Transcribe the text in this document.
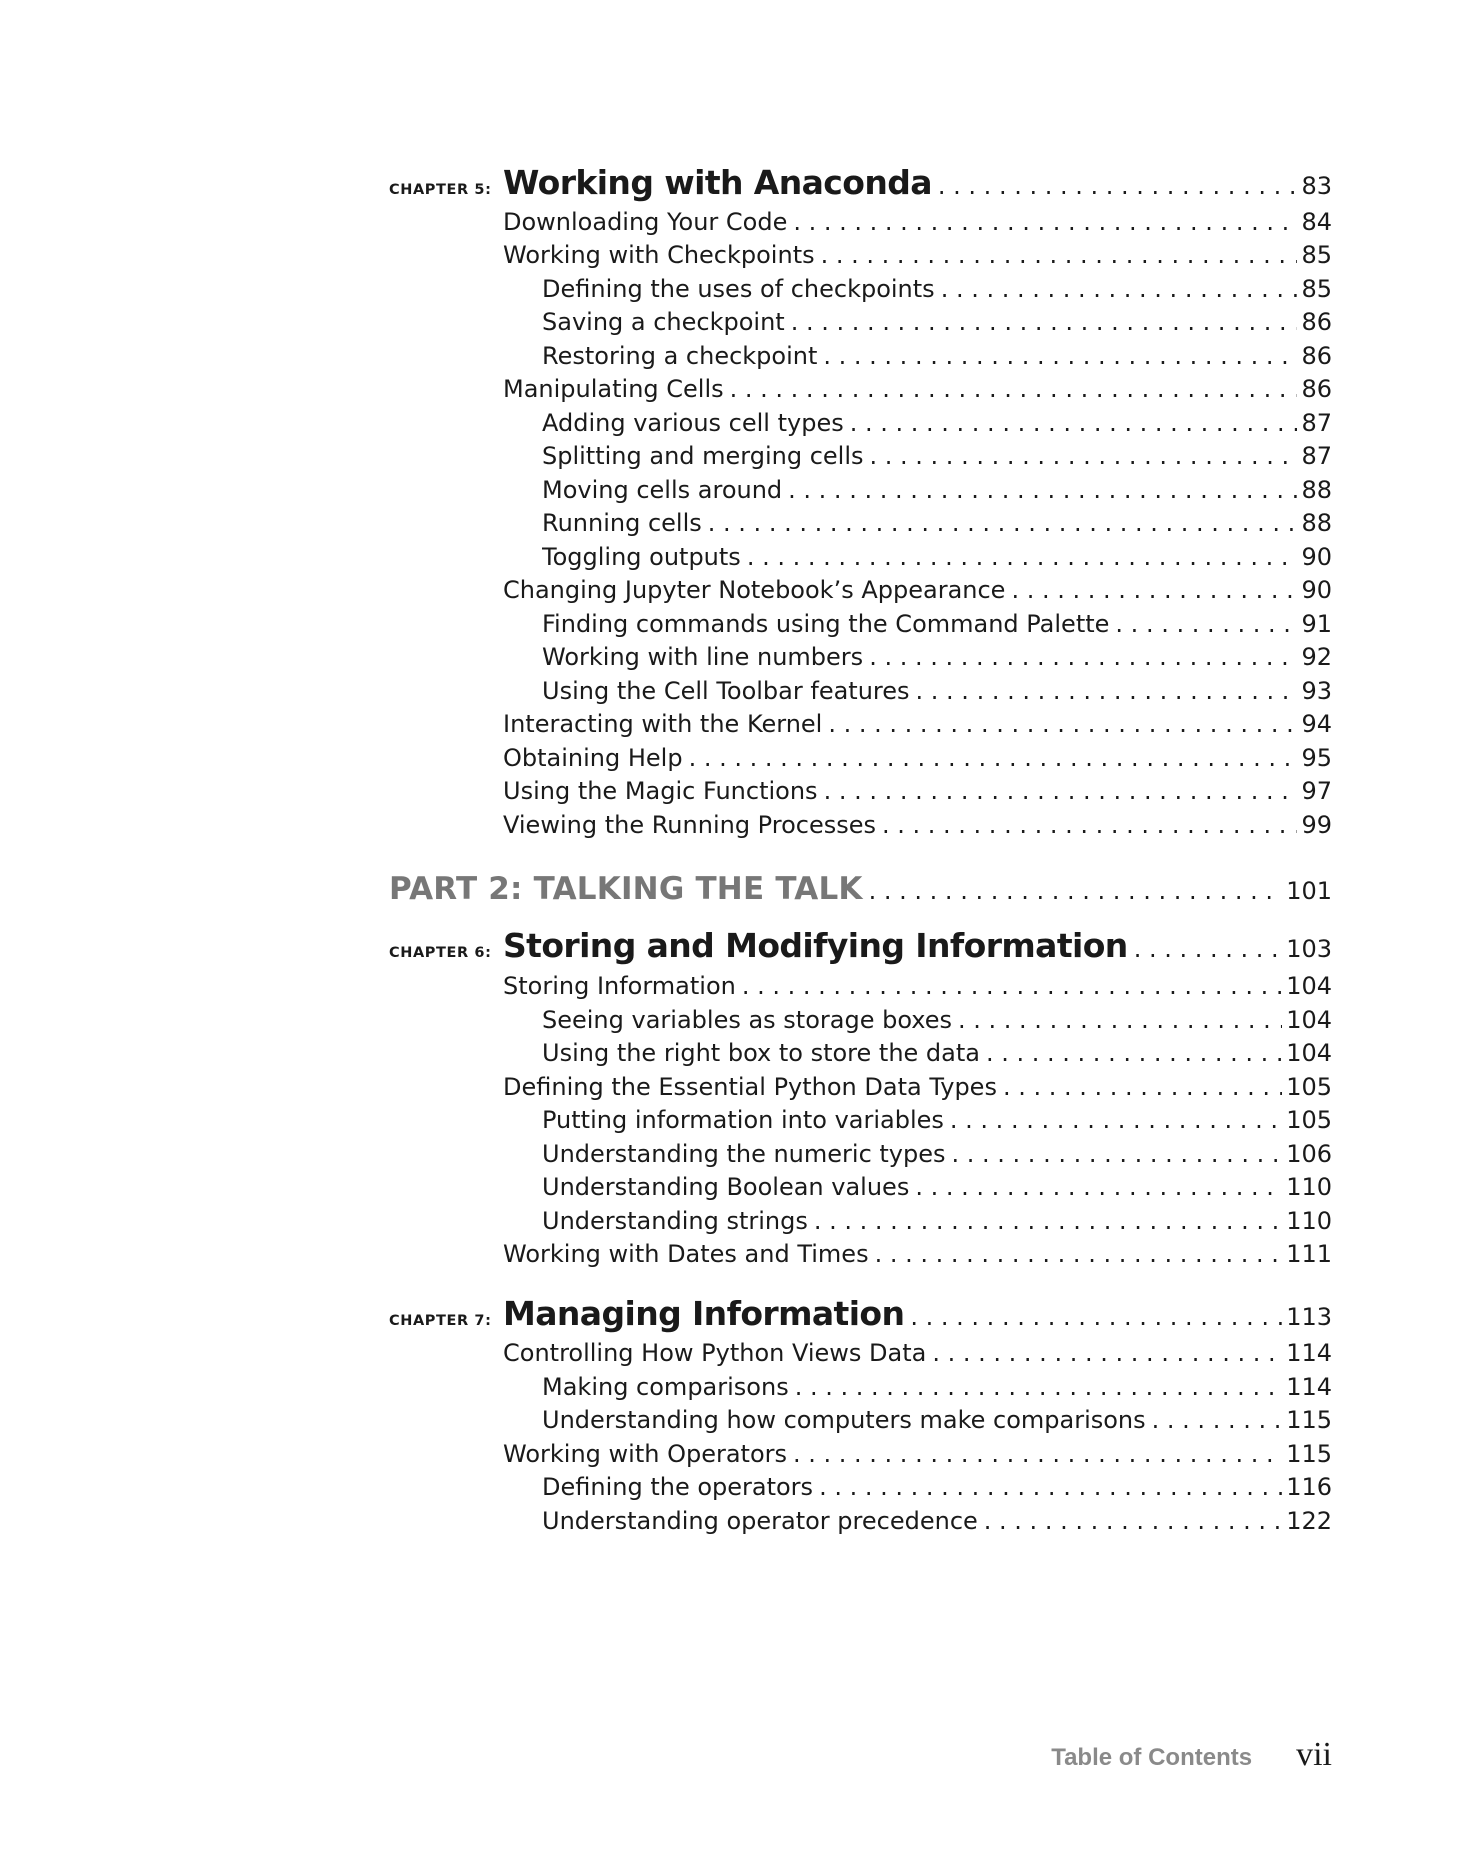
CHAPTER 5: Working with Anaconda . . .	83
Downloading Your Code . . .	84
Working with Checkpoints . . .	85
Defining the uses of checkpoints . . .	85
Saving a checkpoint . . .	86
Restoring a checkpoint . . .	86
Manipulating Cells . . .	86
Adding various cell types . . .	87
Splitting and merging cells . . .	87
Moving cells around . . .	88
Running cells . . .	88
Toggling outputs . . .	90
Changing Jupyter Notebook’s Appearance . . .	90
Finding commands using the Command Palette . . .	91
Working with line numbers . . .	92
Using the Cell Toolbar features . . .	93
Interacting with the Kernel . . .	94
Obtaining Help . . .	95
Using the Magic Functions . . .	97
Viewing the Running Processes . . .	99
PART 2: TALKING THE TALK . . .	101
CHAPTER 6: Storing and Modifying Information . . .	103
Storing Information . . .	104
Seeing variables as storage boxes . . .	104
Using the right box to store the data . . .	104
Defining the Essential Python Data Types . . .	105
Putting information into variables . . .	105
Understanding the numeric types . . .	106
Understanding Boolean values . . .	110
Understanding strings . . .	110
Working with Dates and Times . . .	111
CHAPTER 7: Managing Information . . .	113
Controlling How Python Views Data . . .	114
Making comparisons . . .	114
Understanding how computers make comparisons . . .	115
Working with Operators . . .	115
Defining the operators . . .	116
Understanding operator precedence . . .	122
Table of Contents vii
